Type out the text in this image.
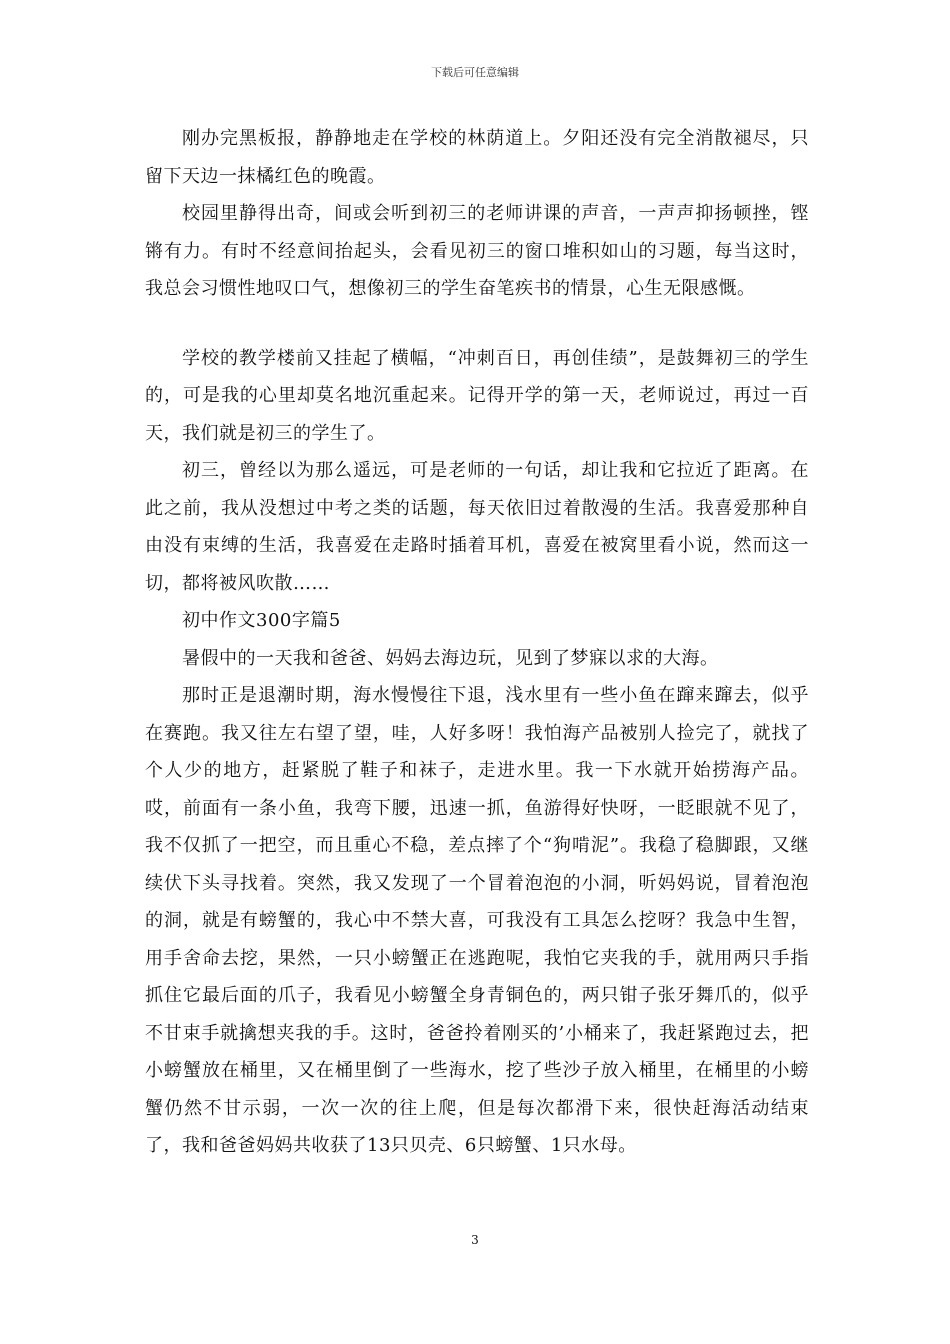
下载后可任意编辑

刚办完黑板报，静静地走在学校的林荫道上。夕阳还没有完全消散褪尽，只留下天边一抹橘红色的晚霞。

校园里静得出奇，间或会听到初三的老师讲课的声音，一声声抑扬顿挫，铿锵有力。有时不经意间抬起头，会看见初三的窗口堆积如山的习题，每当这时，我总会习惯性地叹口气，想像初三的学生奋笔疾书的情景，心生无限感慨。

学校的教学楼前又挂起了横幅，“冲刺百日，再创佳绩”，是鼓舞初三的学生的，可是我的心里却莫名地沉重起来。记得开学的第一天，老师说过，再过一百天，我们就是初三的学生了。

初三，曾经以为那么遥远，可是老师的一句话，却让我和它拉近了距离。在此之前，我从没想过中考之类的话题，每天依旧过着散漫的生活。我喜爱那种自由没有束缚的生活，我喜爱在走路时插着耳机，喜爱在被窝里看小说，然而这一切，都将被风吹散……

初中作文300字篇5

暑假中的一天我和爸爸、妈妈去海边玩，见到了梦寐以求的大海。

那时正是退潮时期，海水慢慢往下退，浅水里有一些小鱼在蹿来蹿去，似乎在赛跑。我又往左右望了望，哇，人好多呀！我怕海产品被别人捡完了，就找了个人少的地方，赶紧脱了鞋子和袜子，走进水里。我一下水就开始捞海产品。哎，前面有一条小鱼，我弯下腰，迅速一抓，鱼游得好快呀，一眨眼就不见了，我不仅抓了一把空，而且重心不稳，差点摔了个“狗啃泥”。我稳了稳脚跟，又继续伏下头寻找着。突然，我又发现了一个冒着泡泡的小洞，听妈妈说，冒着泡泡的洞，就是有螃蟹的，我心中不禁大喜，可我没有工具怎么挖呀？我急中生智，用手舍命去挖，果然，一只小螃蟹正在逃跑呢，我怕它夹我的手，就用两只手指抓住它最后面的爪子，我看见小螃蟹全身青铜色的，两只钳子张牙舞爪的，似乎不甘束手就擒想夹我的手。这时，爸爸拎着刚买的’小桶来了，我赶紧跑过去，把小螃蟹放在桶里，又在桶里倒了一些海水，挖了些沙子放入桶里，在桶里的小螃蟹仍然不甘示弱，一次一次的往上爬，但是每次都滑下来，很快赶海活动结束了，我和爸爸妈妈共收获了13只贝壳、6只螃蟹、1只水母。

3
